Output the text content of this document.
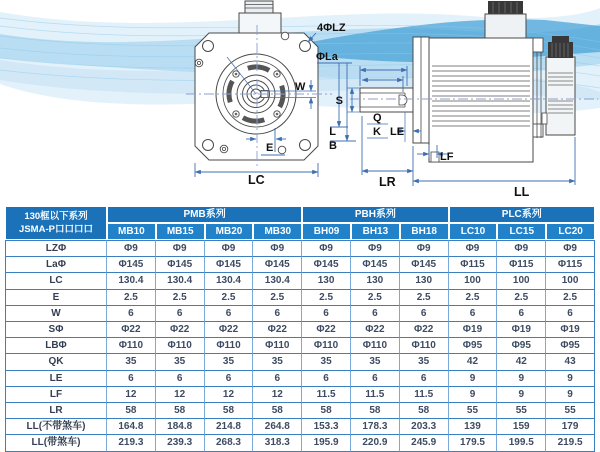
4ΦLZ
ΦLa
W
S
Q
K LE
L
B
E
LC
LF
LR
LL
130框以下系列
JSMA-P口口口口	PMB系列				PBH系列			PLC系列		
	MB10	MB15	MB20	MB30	BH09	BH13	BH18	LC10	LC15	LC20
LZΦ	Φ9	Φ9	Φ9	Φ9	Φ9	Φ9	Φ9	Φ9	Φ9	Φ9
LaΦ	Φ145	Φ145	Φ145	Φ145	Φ145	Φ145	Φ145	Φ115	Φ115	Φ115
LC	130.4	130.4	130.4	130.4	130	130	130	100	100	100
E	2.5	2.5	2.5	2.5	2.5	2.5	2.5	2.5	2.5	2.5
W	6	6	6	6	6	6	6	6	6	6
SΦ	Φ22	Φ22	Φ22	Φ22	Φ22	Φ22	Φ22	Φ19	Φ19	Φ19
LBΦ	Φ110	Φ110	Φ110	Φ110	Φ110	Φ110	Φ110	Φ95	Φ95	Φ95
QK	35	35	35	35	35	35	35	42	42	43
LE	6	6	6	6	6	6	6	9	9	9
LF	12	12	12	12	11.5	11.5	11.5	9	9	9
LR	58	58	58	58	58	58	58	55	55	55
LL(不带煞车)	164.8	184.8	214.8	264.8	153.3	178.3	203.3	139	159	179
LL(带煞车)	219.3	239.3	268.3	318.3	195.9	220.9	245.9	179.5	199.5	219.5
